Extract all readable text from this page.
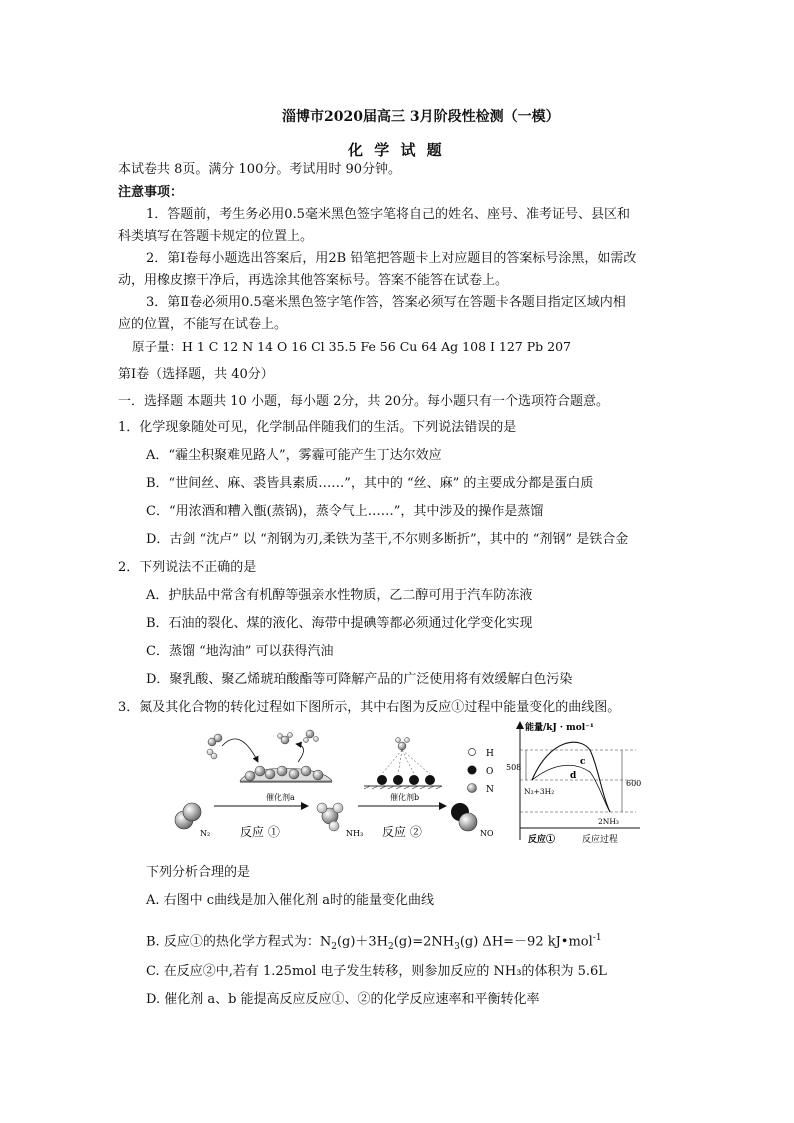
淄博市2020届高三 3月阶段性检测（一模）
化 学 试 题
本试卷共 8页。满分 100分。考试用时 90分钟。
注意事项：
1．答题前，考生务必用0.5毫米黑色签字笔将自己的姓名、座号、准考证号、县区和
科类填写在答题卡规定的位置上。
2．第Ⅰ卷每小题选出答案后，用2B 铅笔把答题卡上对应题目的答案标号涂黑，如需改
动，用橡皮擦干净后，再选涂其他答案标号。答案不能答在试卷上。
3．第Ⅱ卷必须用0.5毫米黑色签字笔作答，答案必须写在答题卡各题目指定区域内相
应的位置，不能写在试卷上。
原子量：H 1 C 12 N 14 O 16 Cl 35.5 Fe 56 Cu 64 Ag 108 I 127 Pb 207
第Ⅰ卷（选择题，共 40分）
一．选择题 本题共 10 小题，每小题 2分，共 20分。每小题只有一个选项符合题意。
1．化学现象随处可见，化学制品伴随我们的生活。下列说法错误的是
A．“霾尘积聚难见路人”，雾霾可能产生丁达尔效应
B．“世间丝、麻、裘皆具素质……”，其中的 “丝、麻” 的主要成分都是蛋白质
C．“用浓酒和糟入甑(蒸锅)，蒸令气上……”，其中涉及的操作是蒸馏
D．古剑 “沈卢” 以 “剂钢为刃,柔铁为茎干,不尔则多断折”，其中的 “剂钢” 是铁合金
2．下列说法不正确的是
A．护肤品中常含有机醇等强亲水性物质，乙二醇可用于汽车防冻液
B．石油的裂化、煤的液化、海带中提碘等都必须通过化学变化实现
C．蒸馏 “地沟油” 可以获得汽油
D．聚乳酸、聚乙烯琥珀酸酯等可降解产品的广泛使用将有效缓解白色污染
3．氮及其化合物的转化过程如下图所示，其中右图为反应①过程中能量变化的曲线图。
催化剂a	催化剂b
H
O
N
N₂ 反应 ①	NH₃ 反应 ②	NO
能量/kJ · mol⁻¹
508
600
N₂+3H₂
2NH₃
c
d
反应①	反应过程
下列分析合理的是
A. 右图中 c曲线是加入催化剂 a时的能量变化曲线
B. 反应①的热化学方程式为：$N_2(g)+3H_2(g)=2NH_3(g)$ ΔH=－92 kJ•mol$^{-1}$
C. 在反应②中,若有 1.25mol 电子发生转移，则参加反应的 NH₃的体积为 5.6L
D. 催化剂 a、b 能提高反应反应①、②的化学反应速率和平衡转化率
